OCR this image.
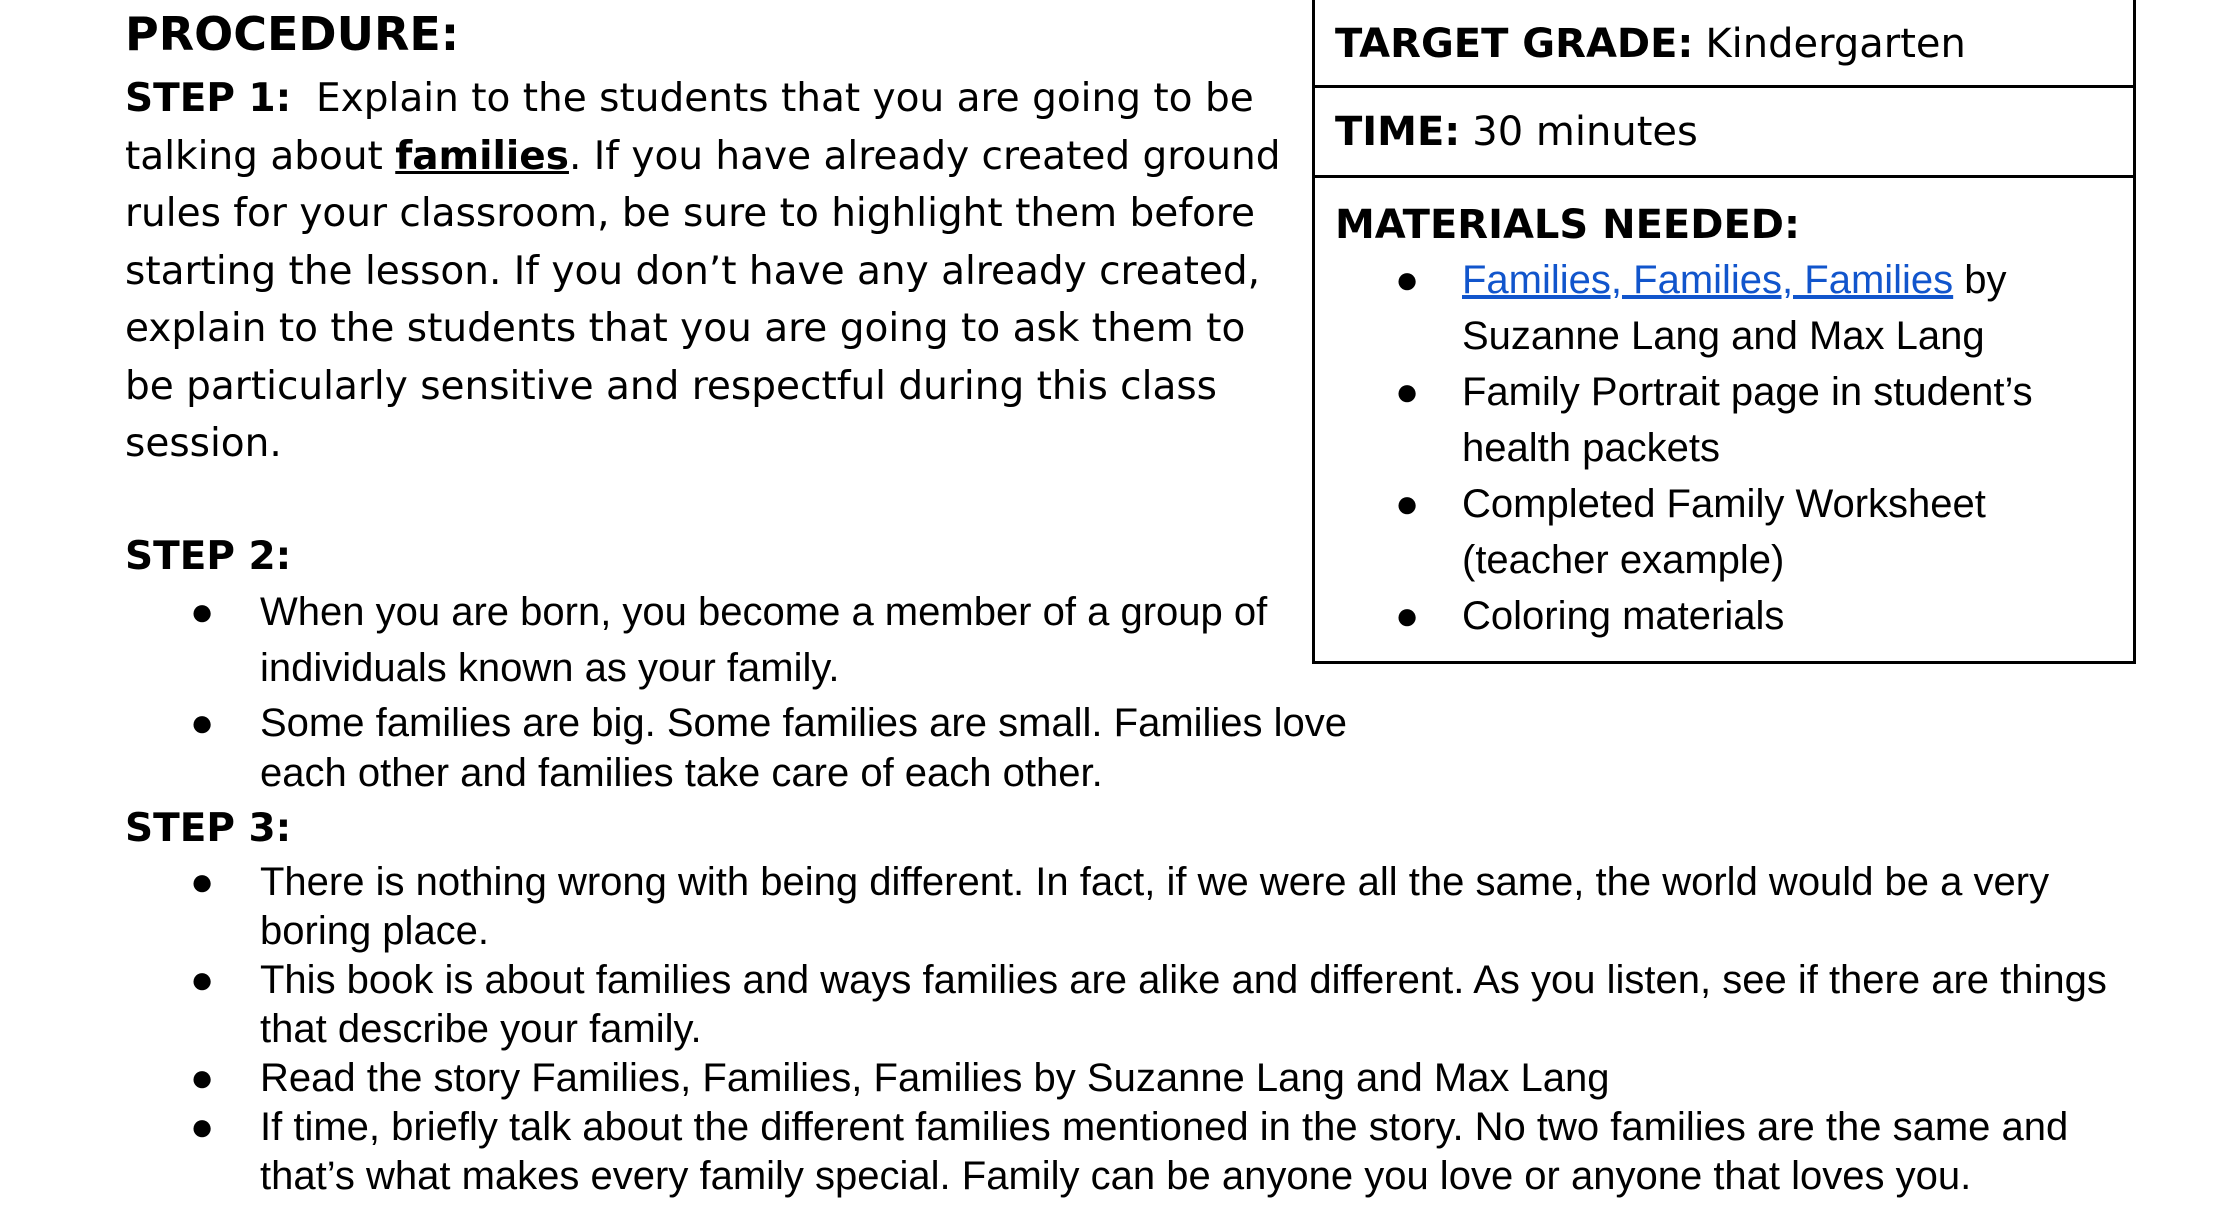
PROCEDURE:
STEP 1: Explain to the students that you are going to be talking about families. If you have already created ground rules for your classroom, be sure to highlight them before starting the lesson. If you don’t have any already created, explain to the students that you are going to ask them to be particularly sensitive and respectful during this class session.
STEP 2:
● When you are born, you become a member of a group of individuals known as your family.
● Some families are big. Some families are small. Families love each other and families take care of each other.
STEP 3:
● There is nothing wrong with being different. In fact, if we were all the same, the world would be a very boring place.
● This book is about families and ways families are alike and different. As you listen, see if there are things that describe your family.
● Read the story Families, Families, Families by Suzanne Lang and Max Lang
● If time, briefly talk about the different families mentioned in the story. No two families are the same and that’s what makes every family special. Family can be anyone you love or anyone that loves you.
TARGET GRADE: Kindergarten
TIME: 30 minutes
MATERIALS NEEDED:
● Families, Families, Families by Suzanne Lang and Max Lang
● Family Portrait page in student’s health packets
● Completed Family Worksheet (teacher example)
● Coloring materials
